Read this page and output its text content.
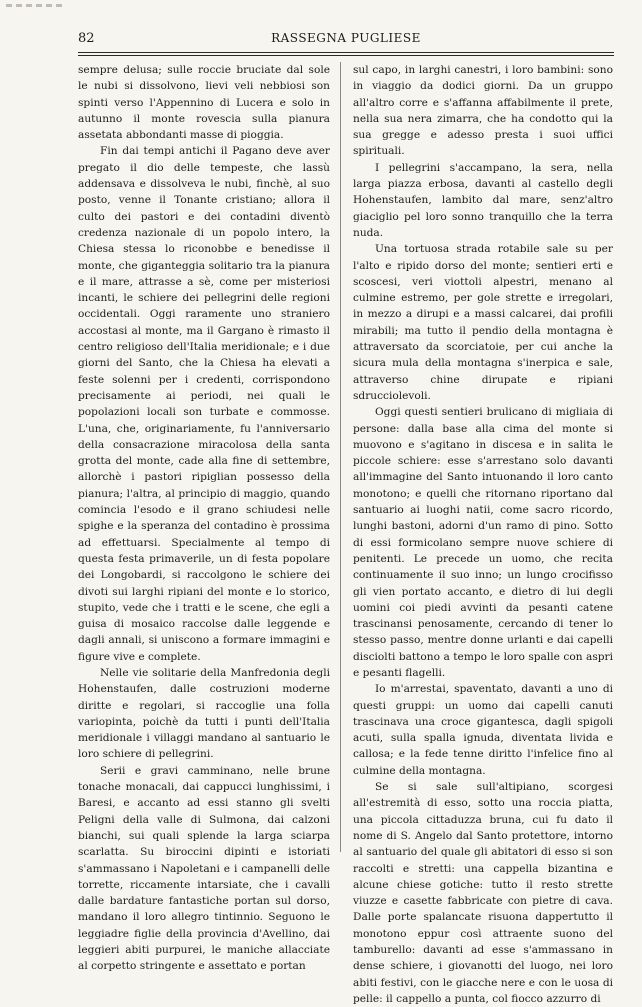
82	RASSEGNA PUGLIESE

sempre delusa; sulle roccie bruciate dal sole le nubi si dissolvono, lievi veli nebbiosi son spinti verso l'Appennino di Lucera e solo in autunno il monte rovescia sulla pianura assetata abbondanti masse di pioggia.

Fin dai tempi antichi il Pagano deve aver pregato il dio delle tempeste, che lassù addensava e dissolveva le nubi, finchè, al suo posto, venne il Tonante cristiano; allora il culto dei pastori e dei contadini diventò credenza nazionale di un popolo intero, la Chiesa stessa lo riconobbe e benedisse il monte, che giganteggia solitario tra la pianura e il mare, attrasse a sè, come per misteriosi incanti, le schiere dei pellegrini delle regioni occidentali. Oggi raramente uno straniero accostasi al monte, ma il Gargano è rimasto il centro religioso dell'Italia meridionale; e i due giorni del Santo, che la Chiesa ha elevati a feste solenni per i credenti, corrispondono precisamente ai periodi, nei quali le popolazioni locali son turbate e commosse. L'una, che, originariamente, fu l'anniversario della consacrazione miracolosa della santa grotta del monte, cade alla fine di settembre, allorchè i pastori ripiglian possesso della pianura; l'altra, al principio di maggio, quando comincia l'esodo e il grano schiudesi nelle spighe e la speranza del contadino è prossima ad effettuarsi. Specialmente al tempo di questa festa primaverile, un di festa popolare dei Longobardi, si raccolgono le schiere dei divoti sui larghi ripiani del monte e lo storico, stupito, vede che i tratti e le scene, che egli a guisa di mosaico raccolse dalle leggende e dagli annali, si uniscono a formare immagini e figure vive e complete.

Nelle vie solitarie della Manfredonia degli Hohenstaufen, dalle costruzioni moderne diritte e regolari, si raccoglie una folla variopinta, poichè da tutti i punti dell'Italia meridionale i villaggi mandano al santuario le loro schiere di pellegrini.

Serii e gravi camminano, nelle brune tonache monacali, dai cappucci lunghissimi, i Baresi, e accanto ad essi stanno gli svelti Peligni della valle di Sulmona, dai calzoni bianchi, sui quali splende la larga sciarpa scarlatta. Su biroccini dipinti e istoriati s'ammassano i Napoletani e i campanelli delle torrette, riccamente intarsiate, che i cavalli dalle bardature fantastiche portan sul dorso, mandano il loro allegro tintinnio. Seguono le leggiadre figlie della provincia d'Avellino, dai leggieri abiti purpurei, le maniche allacciate al corpetto stringente e assettato e portan

sul capo, in larghi canestri, i loro bambini: sono in viaggio da dodici giorni. Da un gruppo all'altro corre e s'affanna affabilmente il prete, nella sua nera zimarra, che ha condotto qui la sua gregge e adesso presta i suoi uffici spirituali.

I pellegrini s'accampano, la sera, nella larga piazza erbosa, davanti al castello degli Hohenstaufen, lambito dal mare, senz'altro giaciglio pel loro sonno tranquillo che la terra nuda.

Una tortuosa strada rotabile sale su per l'alto e ripido dorso del monte; sentieri erti e scoscesi, veri viottoli alpestri, menano al culmine estremo, per gole strette e irregolari, in mezzo a dirupi e a massi calcarei, dai profili mirabili; ma tutto il pendio della montagna è attraversato da scorciatoie, per cui anche la sicura mula della montagna s'inerpica e sale, attraverso chine dirupate e ripiani sdrucciolevoli.

Oggi questi sentieri brulicano di migliaia di persone: dalla base alla cima del monte si muovono e s'agitano in discesa e in salita le piccole schiere: esse s'arrestano solo davanti all'immagine del Santo intuonando il loro canto monotono; e quelli che ritornano riportano dal santuario ai luoghi natii, come sacro ricordo, lunghi bastoni, adorni d'un ramo di pino. Sotto di essi formicolano sempre nuove schiere di penitenti. Le precede un uomo, che recita continuamente il suo inno; un lungo crocifisso gli vien portato accanto, e dietro di lui degli uomini coi piedi avvinti da pesanti catene trascinansi penosamente, cercando di tener lo stesso passo, mentre donne urlanti e dai capelli disciolti battono a tempo le loro spalle con aspri e pesanti flagelli.

Io m'arrestai, spaventato, davanti a uno di questi gruppi: un uomo dai capelli canuti trascinava una croce gigantesca, dagli spigoli acuti, sulla spalla ignuda, diventata livida e callosa; e la fede tenne diritto l'infelice fino al culmine della montagna.

Se si sale sull'altipiano, scorgesi all'estremità di esso, sotto una roccia piatta, una piccola cittaduzza bruna, cui fu dato il nome di S. Angelo dal Santo protettore, intorno al santuario del quale gli abitatori di esso si son raccolti e stretti: una cappella bizantina e alcune chiese gotiche: tutto il resto strette viuzze e casette fabbricate con pietre di cava. Dalle porte spalancate risuona dappertutto il monotono eppur così attraente suono del tamburello: davanti ad esse s'ammassano in dense schiere, i giovanotti del luogo, nei loro abiti festivi, con le giacche nere e con le uosa di pelle: il cappello a punta, col fiocco azzurro di
